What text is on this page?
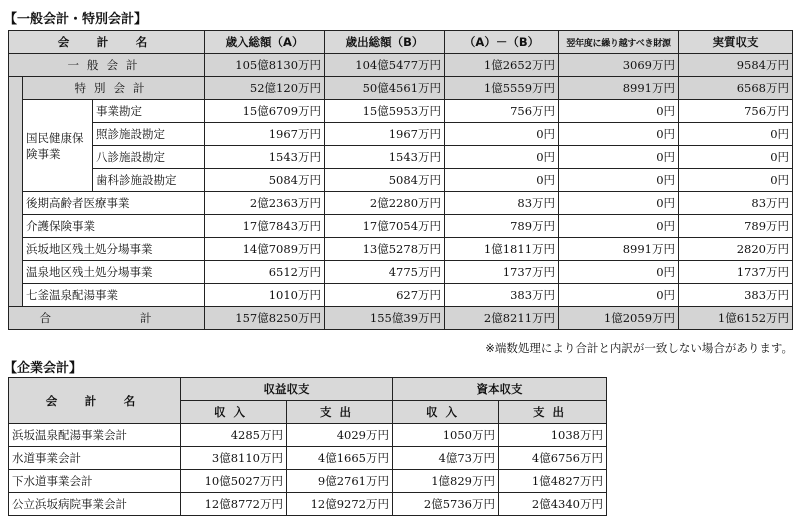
【一般会計・特別会計】
会　計　名			歳入総額（A）	歳出総額（B）	（A）－（B）	翌年度に繰り越すべき財源	実質収支
一般会計			105億8130万円	104億5477万円	1億2652万円	3069万円	9584万円
	特別会計		52億120万円	50億4561万円	1億5559万円	8991万円	6568万円
	国民健康保険事業	事業勘定	15億6709万円	15億5953万円	756万円	0円	756万円
		照診施設勘定	1967万円	1967万円	0円	0円	0円
		八診施設勘定	1543万円	1543万円	0円	0円	0円
		歯科診施設勘定	5084万円	5084万円	0円	0円	0円
	後期高齢者医療事業		2億2363万円	2億2280万円	83万円	0円	83万円
	介護保険事業		17億7843万円	17億7054万円	789万円	0円	789万円
	浜坂地区残土処分場事業		14億7089万円	13億5278万円	1億1811万円	8991万円	2820万円
	温泉地区残土処分場事業		6512万円	4775万円	1737万円	0円	1737万円
	七釜温泉配湯事業		1010万円	627万円	383万円	0円	383万円
合　　計			157億8250万円	155億39万円	2億8211万円	1億2059万円	1億6152万円
※端数処理により合計と内訳が一致しない場合があります。
【企業会計】
会　計　名	収益収支		資本収支	
	収入	支出	収入	支出
浜坂温泉配湯事業会計	4285万円	4029万円	1050万円	1038万円
水道事業会計	3億8110万円	4億1665万円	4億73万円	4億6756万円
下水道事業会計	10億5027万円	9億2761万円	1億829万円	1億4827万円
公立浜坂病院事業会計	12億8772万円	12億9272万円	2億5736万円	2億4340万円
